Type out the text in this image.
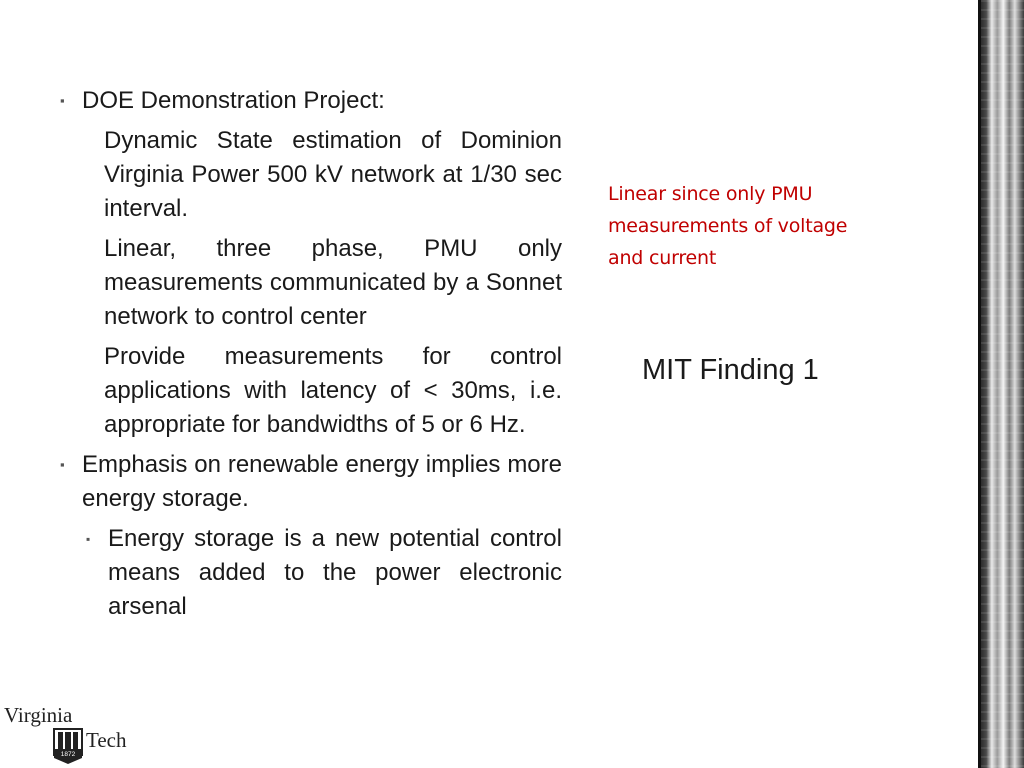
▪ DOE Demonstration Project:
Dynamic State estimation of Dominion Virginia Power 500 kV network at 1/30 sec interval.
Linear, three phase, PMU only measurements communicated by a Sonnet network to control center
Provide measurements for control applications with latency of < 30ms, i.e. appropriate for bandwidths of 5 or 6 Hz.
▪ Emphasis on renewable energy implies more energy storage.
▪ Energy storage is a new potential control means added to the power electronic arsenal
Linear since only PMU measurements of voltage and current
MIT Finding 1
Virginia
1872
Tech
